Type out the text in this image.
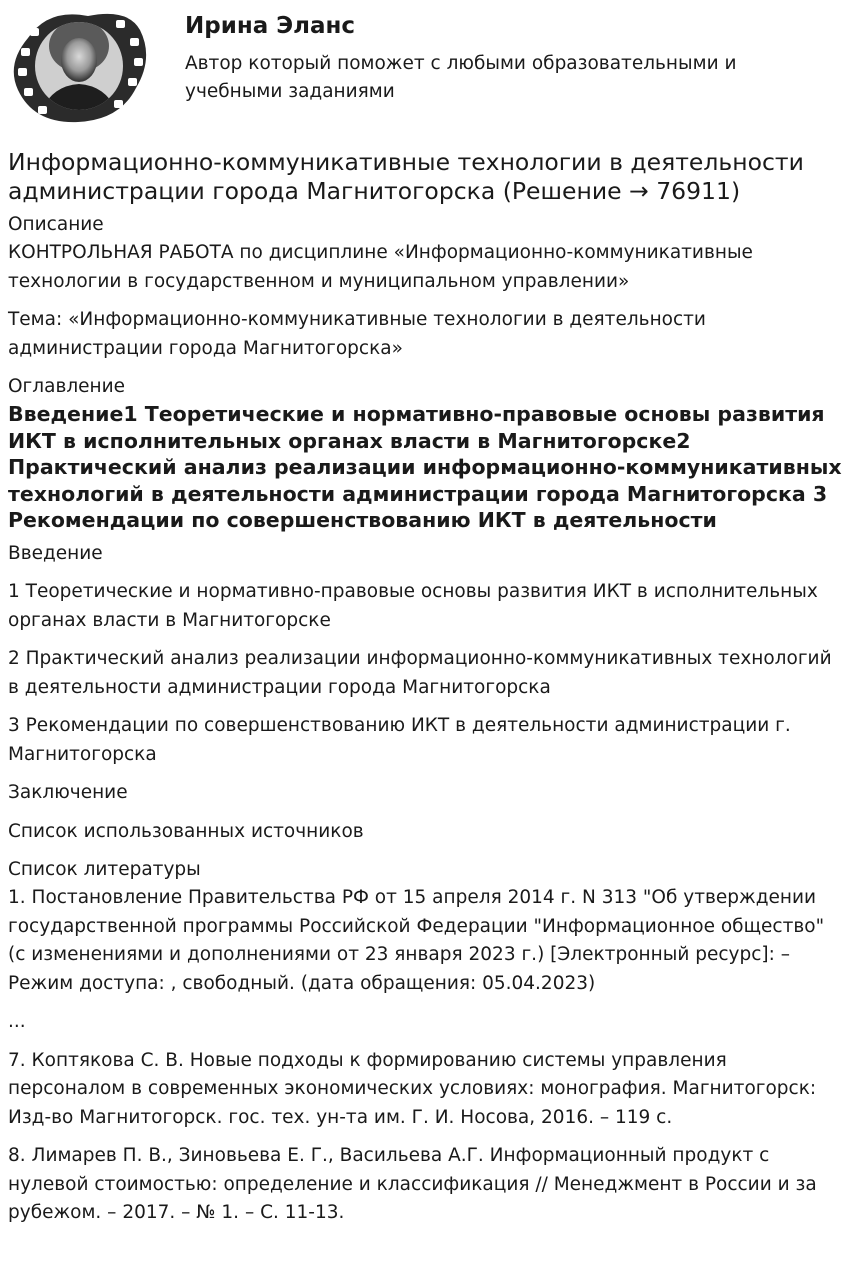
Ирина Эланс
Автор который поможет с любыми образовательными и учебными заданиями
Информационно-коммуникативные технологии в деятельности администрации города Магнитогорска (Решение → 76911)
Описание

КОНТРОЛЬНАЯ РАБОТА по дисциплине «Информационно-коммуникативные технологии в государственном и муниципальном управлении»

Тема: «Информационно-коммуникативные технологии в деятельности администрации города Магнитогорска»

Оглавление
Введение1 Теоретические и нормативно-правовые основы развития ИКТ в исполнительных органах власти в Магнитогорске2 Практический анализ реализации информационно-коммуникативных технологий в деятельности администрации города Магнитогорска 3 Рекомендации по совершенствованию ИКТ в деятельности

Введение

1 Теоретические и нормативно-правовые основы развития ИКТ в исполнительных органах власти в Магнитогорске

2 Практический анализ реализации информационно-коммуникативных технологий в деятельности администрации города Магнитогорска

3 Рекомендации по совершенствованию ИКТ в деятельности администрации г. Магнитогорска

Заключение

Список использованных источников

Список литературы

1. Постановление Правительства РФ от 15 апреля 2014 г. N 313 "Об утверждении государственной программы Российской Федерации "Информационное общество" (с изменениями и дополнениями от 23 января 2023 г.) [Электронный ресурс]: – Режим доступа: , свободный. (дата обращения: 05.04.2023)

...

7. Коптякова С. В. Новые подходы к формированию системы управления персоналом в современных экономических условиях: монография. Магнитогорск: Изд-во Магнитогорск. гос. тех. ун-та им. Г. И. Носова, 2016. – 119 с.

8. Лимарев П. В., Зиновьева Е. Г., Васильева А.Г. Информационный продукт с нулевой стоимостью: определение и классификация // Менеджмент в России и за рубежом. – 2017. – № 1. – С. 11-13.
